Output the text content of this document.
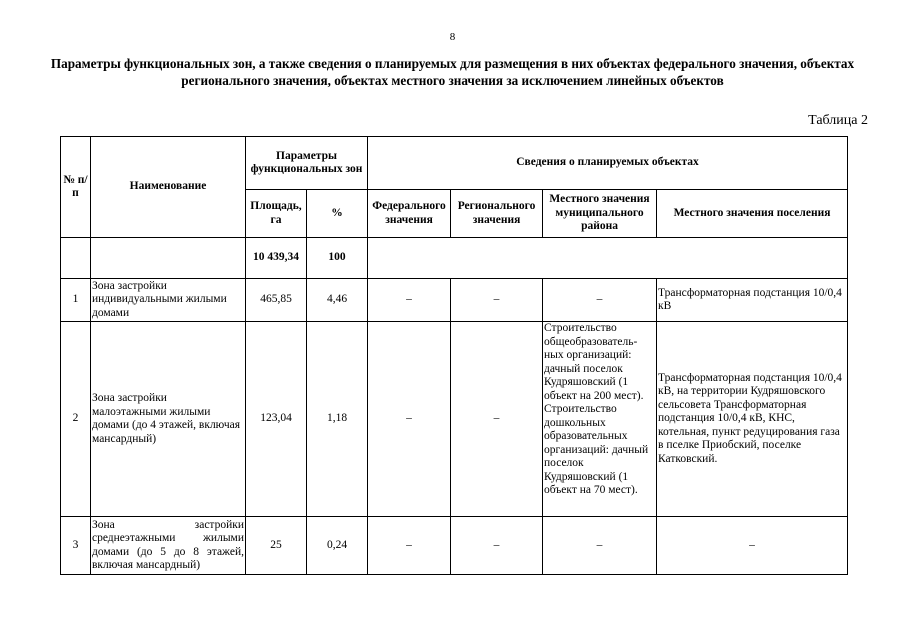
8
Параметры функциональных зон, а также сведения о планируемых для размещения в них объектах федерального значения, объектах регионального значения, объектах местного значения за исключением линейных объектов
Таблица 2
№ п/п	Наименование	Параметры функциональных зон		Сведения о планируемых объектах			
		Площадь, га	%	Федерального значения	Регионального значения	Местного значения муниципального района	Местного значения поселения
		10 439,34	100				
1	Зона застройки индивидуальными жилыми домами	465,85	4,46	–	–	–	Трансформаторная подстанция 10/0,4 кВ
2	Зона застройки малоэтажными жилыми домами (до 4 этажей, включая мансардный)	123,04	1,18	–	–	Строительство общеобразователь-ных организаций: дачный поселок Кудряшовский (1 объект на 200 мест). Строительство дошкольных образовательных организаций: дачный поселок Кудряшовский (1 объект на 70 мест).	Трансформаторная подстанция 10/0,4 кВ, на территории Кудряшовского сельсовета Трансформаторная подстанция 10/0,4 кВ, КНС, котельная, пункт редуцирования газа в пселке Приобский, поселке Катковский.
3	Зона застройки среднеэтажными жилыми домами (до 5 до 8 этажей, включая мансардный)	25	0,24	–	–	–	–
